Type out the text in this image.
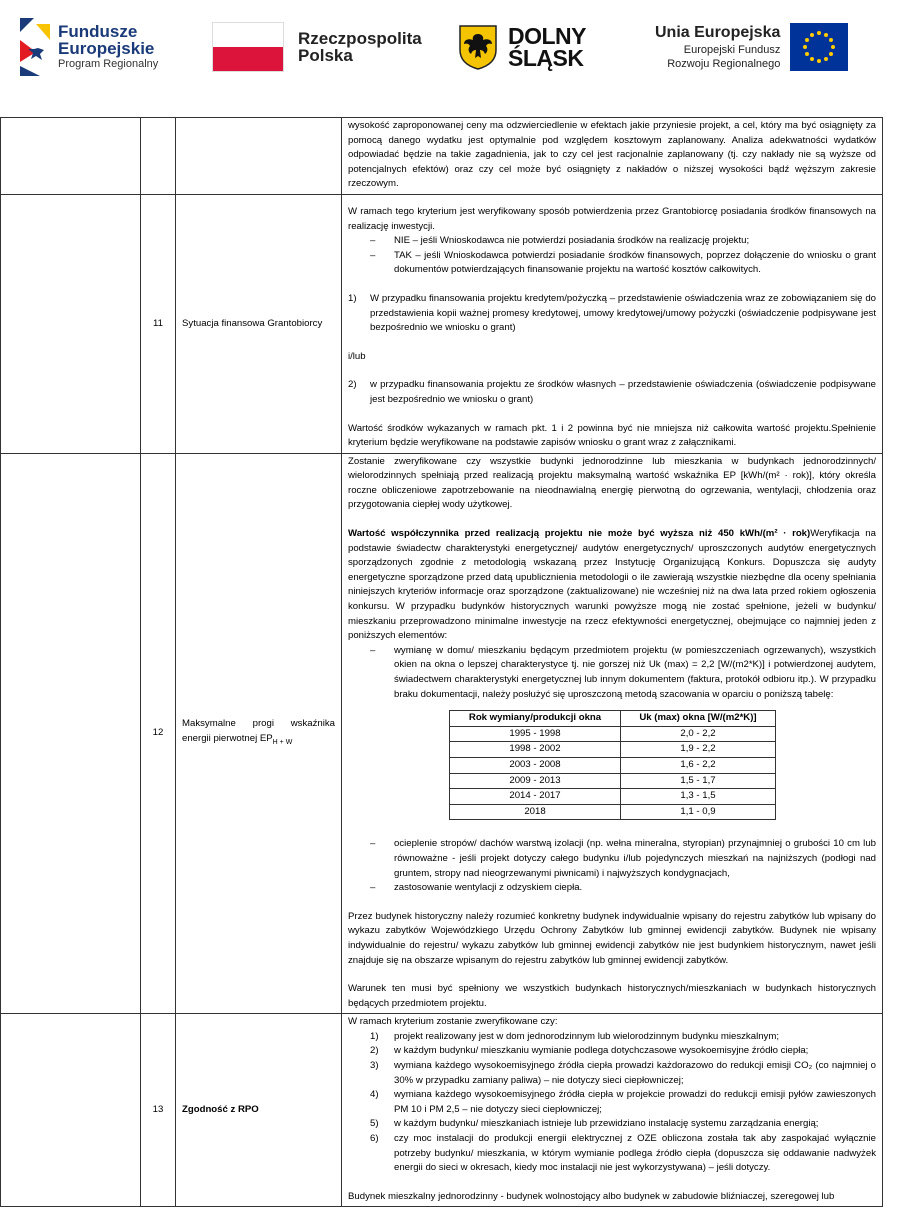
Fundusze
Europejskie
Program Regionalny
Rzeczpospolita
Polska
DOLNY
ŚLĄSK
Unia Europejska
Europejski Fundusz
Rozwoju Regionalnego

wysokość zaproponowanej ceny ma odzwierciedlenie w efektach jakie przyniesie projekt, a cel, który ma być osiągnięty za pomocą danego wydatku jest optymalnie pod względem kosztowym zaplanowany. Analiza adekwatności wydatków odpowiadać będzie na takie zagadnienia, jak to czy cel jest racjonalnie zaplanowany (tj. czy nakłady nie są wyższe od potencjalnych efektów) oraz czy cel może być osiągnięty z nakładów o niższej wysokości bądź węższym zakresie rzeczowym.

	11	Sytuacja finansowa Grantobiorcy	

W ramach tego kryterium jest weryfikowany sposób potwierdzenia przez Grantobiorcę posiadania środków finansowych na realizację inwestycji.

–	NIE – jeśli Wnioskodawca nie potwierdzi posiadania środków na realizację projektu;
–	TAK – jeśli Wnioskodawca potwierdzi posiadanie środków finansowych, poprzez dołączenie do wniosku o grant dokumentów potwierdzających finansowanie projektu na wartość kosztów całkowitych.
1)	W przypadku finansowania projektu kredytem/pożyczką – przedstawienie oświadczenia wraz ze zobowiązaniem się do przedstawienia kopii ważnej promesy kredytowej, umowy kredytowej/umowy pożyczki (oświadczenie podpisywane jest bezpośrednio we wniosku o grant)

i/lub

2)	w przypadku finansowania projektu ze środków własnych – przedstawienie oświadczenia (oświadczenie podpisywane jest bezpośrednio we wniosku o grant)

Wartość środków wykazanych w ramach pkt. 1 i 2 powinna być nie mniejsza niż całkowita wartość projektu.Spełnienie kryterium będzie weryfikowane na podstawie zapisów wniosku o grant wraz z załącznikami.

	12	Maksymalne progi wskaźnika energii pierwotnej $EP_{H + W}$	

Zostanie zweryfikowane czy wszystkie budynki jednorodzinne lub mieszkania w budynkach jednorodzinnych/ wielorodzinnych spełniają przed realizacją projektu maksymalną wartość wskaźnika EP [kWh/(m² · rok)], który określa roczne obliczeniowe zapotrzebowanie na nieodnawialną energię pierwotną do ogrzewania, wentylacji, chłodzenia oraz przygotowania ciepłej wody użytkowej.

Wartość współczynnika przed realizacją projektu nie może być wyższa niż 450 kWh/(m² · rok)Weryfikacja na podstawie świadectw charakterystyki energetycznej/ audytów energetycznych/ uproszczonych audytów energetycznych sporządzonych zgodnie z metodologią wskazaną przez Instytucję Organizującą Konkurs. Dopuszcza się audyty energetyczne sporządzone przed datą upublicznienia metodologii o ile zawierają wszystkie niezbędne dla oceny spełniania niniejszych kryteriów informacje oraz sporządzone (zaktualizowane) nie wcześniej niż na dwa lata przed rokiem ogłoszenia konkursu. W przypadku budynków historycznych warunki powyższe mogą nie zostać spełnione, jeżeli w budynku/ mieszkaniu przeprowadzono minimalne inwestycje na rzecz efektywności energetycznej, obejmujące co najmniej jeden z poniższych elementów:

–	wymianę w domu/ mieszkaniu będącym przedmiotem projektu (w pomieszczeniach ogrzewanych), wszystkich okien na okna o lepszej charakterystyce tj. nie gorszej niż Uk (max) = 2,2 [W/(m2*K)] i potwierdzonej audytem, świadectwem charakterystyki energetycznej lub innym dokumentem (faktura, protokół odbioru itp.). W przypadku braku dokumentacji, należy posłużyć się uproszczoną metodą szacowania w oparciu o poniższą tabelę:
Rok wymiany/produkcji okna	Uk (max) okna [W/(m2*K)]
1995 - 1998	2,0 - 2,2
1998 - 2002	1,9 - 2,2
2003 - 2008	1,6 - 2,2
2009 - 2013	1,5 - 1,7
2014 - 2017	1,3 - 1,5
2018	1,1 - 0,9
–	ocieplenie stropów/ dachów warstwą izolacji (np. wełna mineralna, styropian) przynajmniej o grubości 10 cm lub równoważne - jeśli projekt dotyczy całego budynku i/lub pojedynczych mieszkań na najniższych (podłogi nad gruntem, stropy nad nieogrzewanymi piwnicami) i najwyższych kondygnacjach,
–	zastosowanie wentylacji z odzyskiem ciepła.

Przez budynek historyczny należy rozumieć konkretny budynek indywidualnie wpisany do rejestru zabytków lub wpisany do wykazu zabytków Wojewódzkiego Urzędu Ochrony Zabytków lub gminnej ewidencji zabytków. Budynek nie wpisany indywidualnie do rejestru/ wykazu zabytków lub gminnej ewidencji zabytków nie jest budynkiem historycznym, nawet jeśli znajduje się na obszarze wpisanym do rejestru zabytków lub gminnej ewidencji zabytków.

Warunek ten musi być spełniony we wszystkich budynkach historycznych/mieszkaniach w budynkach historycznych będących przedmiotem projektu.

	13	Zgodność z RPO	

W ramach kryterium zostanie zweryfikowane czy:

1)	projekt realizowany jest w dom jednorodzinnym lub wielorodzinnym budynku mieszkalnym;
2)	w każdym budynku/ mieszkaniu wymianie podlega dotychczasowe wysokoemisyjne źródło ciepła;
3)	wymiana każdego wysokoemisyjnego źródła ciepła prowadzi każdorazowo do redukcji emisji CO₂ (co najmniej o 30% w przypadku zamiany paliwa) – nie dotyczy sieci ciepłowniczej;
4)	wymiana każdego wysokoemisyjnego źródła ciepła w projekcie prowadzi do redukcji emisji pyłów zawieszonych PM 10 i PM 2,5 – nie dotyczy sieci ciepłowniczej;
5)	w każdym budynku/ mieszkaniach istnieje lub przewidziano instalację systemu zarządzania energią;
6)	czy moc instalacji do produkcji energii elektrycznej z OZE obliczona została tak aby zaspokajać wyłącznie potrzeby budynku/ mieszkania, w którym wymianie podlega źródło ciepła (dopuszcza się oddawanie nadwyżek energii do sieci w okresach, kiedy moc instalacji nie jest wykorzystywana) – jeśli dotyczy.

Budynek mieszkalny jednorodzinny - budynek wolnostojący albo budynek w zabudowie bliźniaczej, szeregowej lub
